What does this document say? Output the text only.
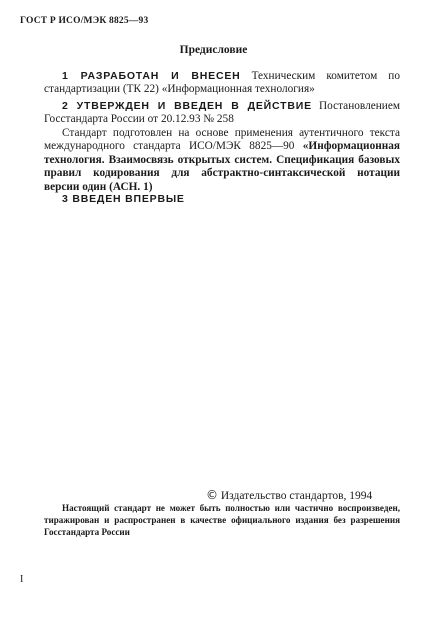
ГОСТ Р ИСО/МЭК 8825—93
Предисловие

1 РАЗРАБОТАН И ВНЕСЕН Техническим комитетом по стандартизации (ТК 22) «Информационная технология»

2 УТВЕРЖДЕН И ВВЕДЕН В ДЕЙСТВИЕ Постановлением Госстандарта России от 20.12.93 № 258

Стандарт подготовлен на основе применения аутентичного текста международного стандарта ИСО/МЭК 8825—90 «Информационная технология. Взаимосвязь открытых систем. Спецификация базовых правил кодирования для абстрактно-синтаксической нотации версии один (АСН. 1)

3 ВВЕДЕН ВПЕРВЫЕ

© Издательство стандартов, 1994

Настоящий стандарт не может быть полностью или частично воспроизведен, тиражирован и распространен в качестве официального издания без разрешения Госстандарта России

I
